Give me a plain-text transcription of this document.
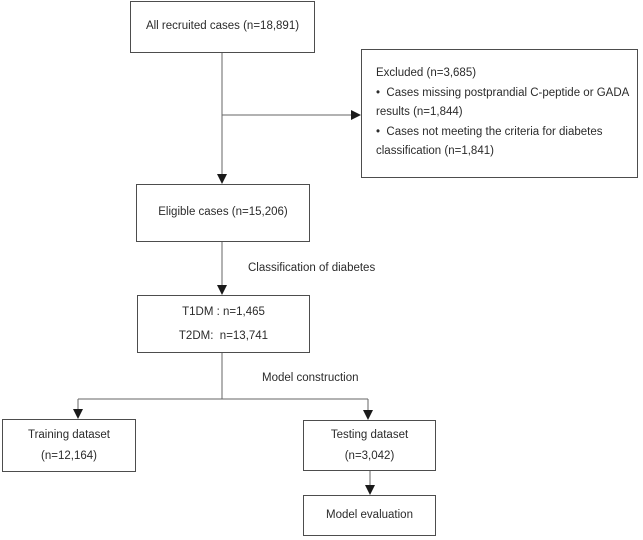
All recruited cases (n=18,891)
Excluded (n=3,685)
• Cases missing postprandial C-peptide or GADA results (n=1,844)
• Cases not meeting the criteria for diabetes classification (n=1,841)
Eligible cases (n=15,206)
Classification of diabetes
T1DM : n=1,465
T2DM:  n=13,741
Model construction
Training dataset
(n=12,164)
Testing dataset
(n=3,042)
Model evaluation
